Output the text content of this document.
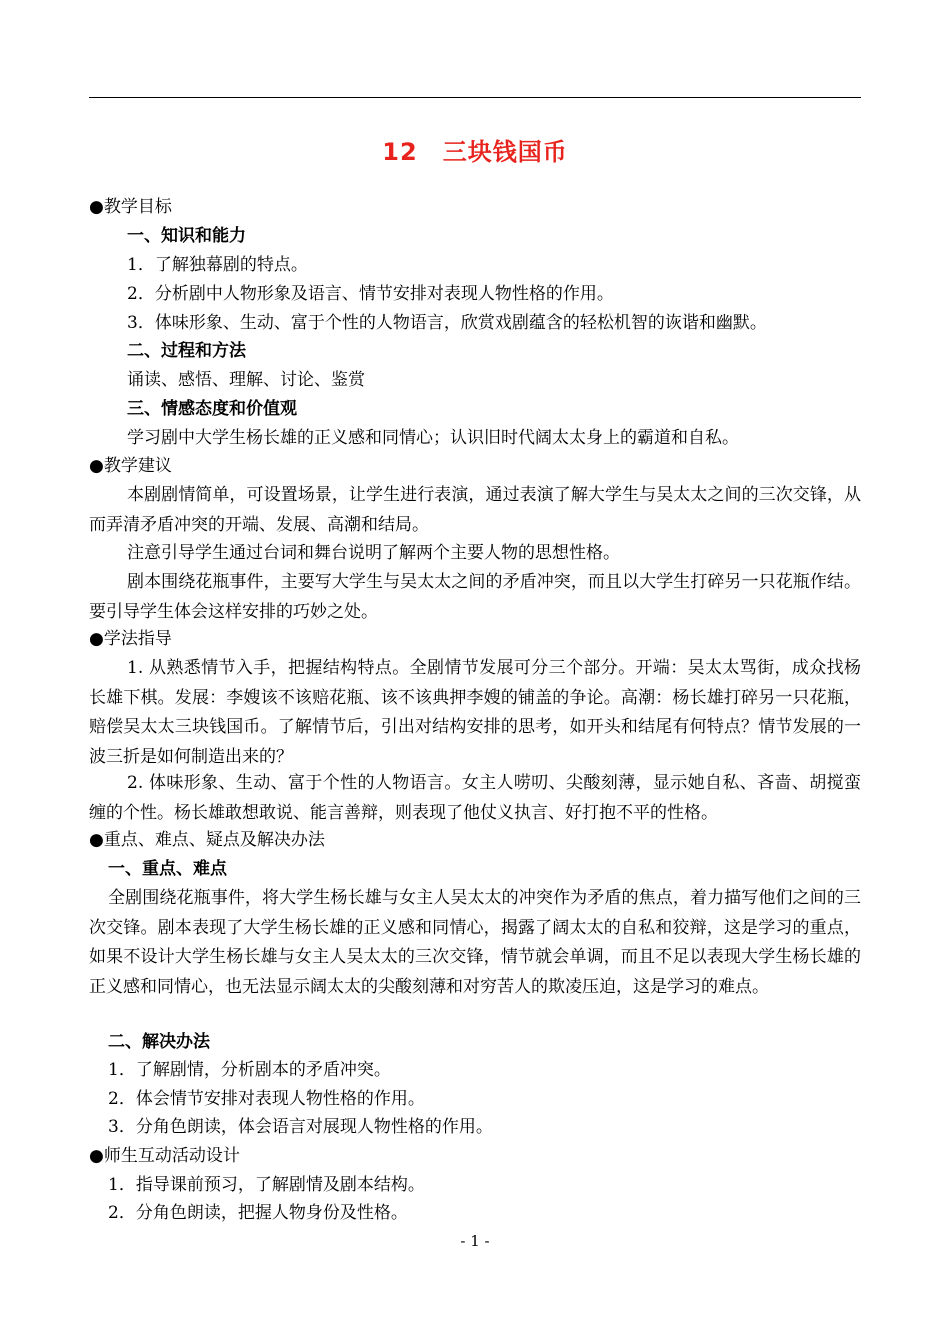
12　三块钱国币
●教学目标
一、知识和能力
1．了解独幕剧的特点。
2．分析剧中人物形象及语言、情节安排对表现人物性格的作用。
3．体味形象、生动、富于个性的人物语言，欣赏戏剧蕴含的轻松机智的诙谐和幽默。
二、过程和方法
诵读、感悟、理解、讨论、鉴赏
三、情感态度和价值观
学习剧中大学生杨长雄的正义感和同情心；认识旧时代阔太太身上的霸道和自私。
●教学建议
本剧剧情简单，可设置场景，让学生进行表演，通过表演了解大学生与吴太太之间的三次交锋，从而弄清矛盾冲突的开端、发展、高潮和结局。
注意引导学生通过台词和舞台说明了解两个主要人物的思想性格。
剧本围绕花瓶事件，主要写大学生与吴太太之间的矛盾冲突，而且以大学生打碎另一只花瓶作结。要引导学生体会这样安排的巧妙之处。
●学法指导
1. 从熟悉情节入手，把握结构特点。全剧情节发展可分三个部分。开端：吴太太骂街，成众找杨长雄下棋。发展：李嫂该不该赔花瓶、该不该典押李嫂的铺盖的争论。高潮：杨长雄打碎另一只花瓶，赔偿吴太太三块钱国币。了解情节后，引出对结构安排的思考，如开头和结尾有何特点？情节发展的一波三折是如何制造出来的？
2. 体味形象、生动、富于个性的人物语言。女主人唠叨、尖酸刻薄，显示她自私、吝啬、胡搅蛮缠的个性。杨长雄敢想敢说、能言善辩，则表现了他仗义执言、好打抱不平的性格。
●重点、难点、疑点及解决办法
一、重点、难点
全剧围绕花瓶事件，将大学生杨长雄与女主人吴太太的冲突作为矛盾的焦点，着力描写他们之间的三次交锋。剧本表现了大学生杨长雄的正义感和同情心，揭露了阔太太的自私和狡辩，这是学习的重点，如果不设计大学生杨长雄与女主人吴太太的三次交锋，情节就会单调，而且不足以表现大学生杨长雄的正义感和同情心，也无法显示阔太太的尖酸刻薄和对穷苦人的欺凌压迫，这是学习的难点。
二、解决办法
1．了解剧情，分析剧本的矛盾冲突。
2．体会情节安排对表现人物性格的作用。
3．分角色朗读，体会语言对展现人物性格的作用。
●师生互动活动设计
1．指导课前预习，了解剧情及剧本结构。
2．分角色朗读，把握人物身份及性格。
- 1 -
